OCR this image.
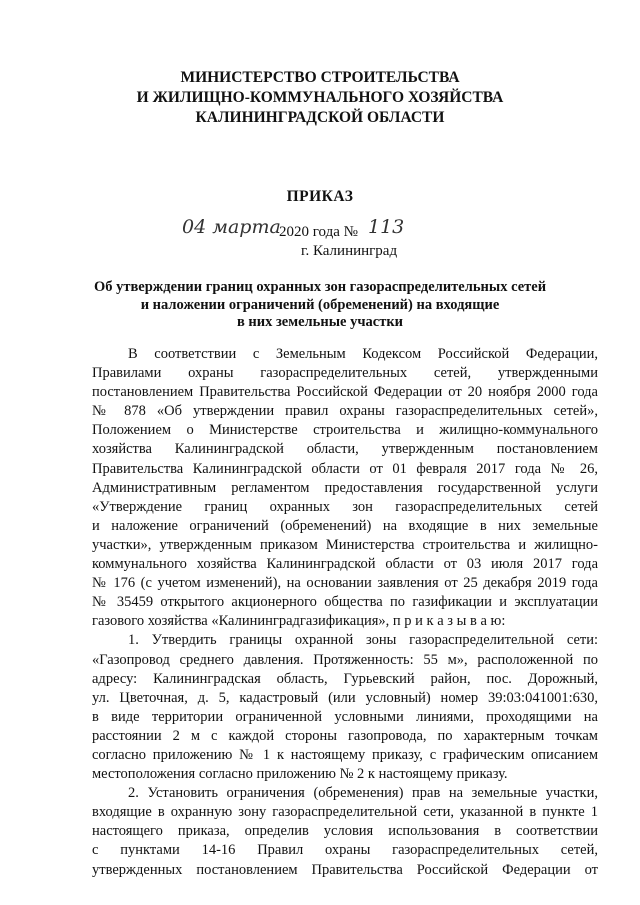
МИНИСТЕРСТВО СТРОИТЕЛЬСТВА
И ЖИЛИЩНО-КОММУНАЛЬНОГО ХОЗЯЙСТВА
КАЛИНИНГРАДСКОЙ ОБЛАСТИ
ПРИКАЗ
04 марта
2020 года № 113
г. Калининград
Об утверждении границ охранных зон газораспределительных сетей
и наложении ограничений (обременений) на входящие
в них земельные участки
В соответствии с Земельным Кодексом Российской Федерации,
Правилами охраны газораспределительных сетей, утвержденными
постановлением Правительства Российской Федерации от 20 ноября 2000 года
№ 878 «Об утверждении правил охраны газораспределительных сетей»,
Положением о Министерстве строительства и жилищно-коммунального
хозяйства Калининградской области, утвержденным постановлением
Правительства Калининградской области от 01 февраля 2017 года № 26,
Административным регламентом предоставления государственной услуги
«Утверждение границ охранных зон газораспределительных сетей
и наложение ограничений (обременений) на входящие в них земельные
участки», утвержденным приказом Министерства строительства и жилищно-
коммунального хозяйства Калининградской области от 03 июля 2017 года
№ 176 (с учетом изменений), на основании заявления от 25 декабря 2019 года
№ 35459 открытого акционерного общества по газификации и эксплуатации
газового хозяйства «Калининградгазификация», п р и к а з ы в а ю:
1. Утвердить границы охранной зоны газораспределительной сети:
«Газопровод среднего давления. Протяженность: 55 м», расположенной по
адресу: Калининградская область, Гурьевский район, пос. Дорожный,
ул. Цветочная, д. 5, кадастровый (или условный) номер 39:03:041001:630,
в виде территории ограниченной условными линиями, проходящими на
расстоянии 2 м с каждой стороны газопровода, по характерным точкам
согласно приложению № 1 к настоящему приказу, с графическим описанием
местоположения согласно приложению № 2 к настоящему приказу.
2. Установить ограничения (обременения) прав на земельные участки,
входящие в охранную зону газораспределительной сети, указанной в пункте 1
настоящего приказа, определив условия использования в соответствии
с пунктами 14-16 Правил охраны газораспределительных сетей,
утвержденных постановлением Правительства Российской Федерации от
